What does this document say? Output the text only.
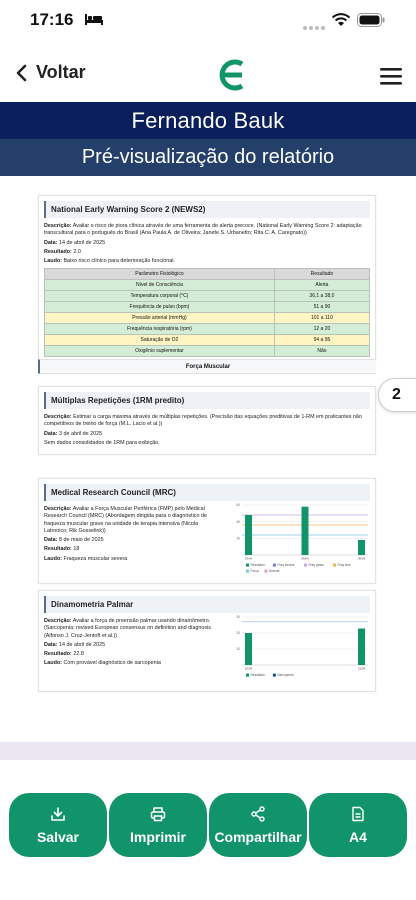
17:16
Voltar
Fernando Bauk
Pré-visualização do relatório
National Early Warning Score 2 (NEWS2)
Descrição: Avaliar o risco de piora clínica através de uma ferramenta de alerta precoce. (National Early Warning Score 2: adaptação transcultural para o português do Brasil (Ana Paula A. de Oliveira; Janete S. Urbanetto; Rita C. A. Caregnato))
Data: 14 de abril de 2025
Resultado: 2.0
Laudo: Baixo risco clínico para deterioração funcional.
Parâmetro Fisiológico	Resultado
Nível de Consciência	Alerta
Temperatura corporal (°C)	36,1 a 38,0
Frequência de pulso (bpm)	51 a 90
Pressão arterial (mmHg)	101 a 110
Frequência respiratória (rpm)	12 a 20
Saturação de O2	94 a 95
Oxigênio suplementar	Não
Força Muscular
Múltiplas Repetições (1RM predito)
Descrição: Estimar a carga máxima através de múltiplas repetições. (Precisão das equações preditivas de 1-RM em praticantes não competitivos de treino de força (M.L. Lacio et al.))
Data: 3 de abril de 2025
Sem dados consolidados de 1RM para exibição.
Medical Research Council (MRC)
Descrição: Avaliar a Força Muscular Periférica (FMP) pelo Medical Research Council (MRC) (Abordagem dirigida para o diagnóstico de fraqueza muscular grave na unidade de terapia intensiva (Nicola Latronico; Rik Gosselink))
Data: 8 de maio de 2025
Resultado: 18
Laudo: Fraqueza muscular severa
20
40
60
23/04	08/05	08/05
Resultado	Fraq severa	Fraq grave	Fraq leve
Força	Normal
Dinamometria Palmar
Descrição: Avaliar a força de preensão palmar usando dinamômetro. (Sarcopenia: revised European consensus on definition and diagnosis (Alfonso J. Cruz-Jentoft et al.))
Data: 14 de abril de 2025
Resultado: 22.8
Laudo: Com provável diagnóstico de sarcopenia
10
20
30
23/04	23/04
Resultado	Sarcopenia
2
Salvar	Imprimir Compartilhar	A4
